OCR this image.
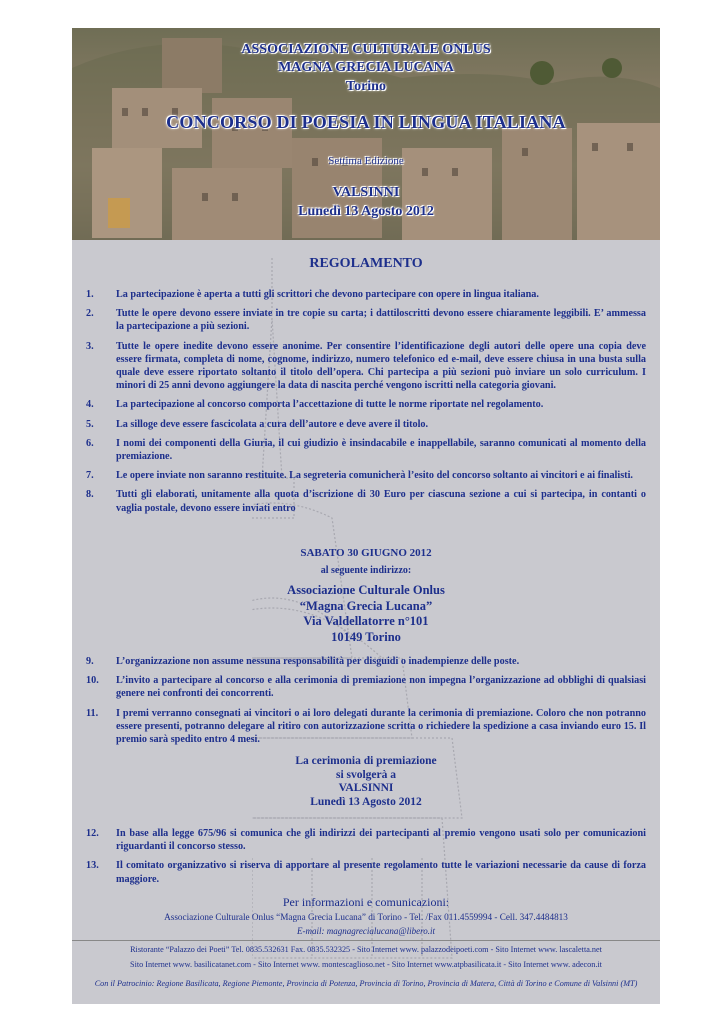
ASSOCIAZIONE CULTURALE ONLUS
MAGNA GRECIA LUCANA
Torino
CONCORSO DI POESIA IN LINGUA ITALIANA
Settima Edizione
VALSINNI
Lunedì 13 Agosto 2012
REGOLAMENTO
1.	La partecipazione è aperta a tutti gli scrittori che devono partecipare con opere in lingua italiana.
2.	Tutte le opere devono essere inviate in tre copie su carta; i dattiloscritti devono essere chiaramente leggibili. E’ ammessa la partecipazione a più sezioni.
3.	Tutte le opere inedite devono essere anonime. Per consentire l’identificazione degli autori delle opere una copia deve essere firmata, completa di nome, cognome, indirizzo, numero telefonico ed e-mail, deve essere chiusa in una busta sulla quale deve essere riportato soltanto il titolo dell’opera. Chi partecipa a più sezioni può inviare un solo curriculum. I minori di 25 anni devono aggiungere la data di nascita perché vengono iscritti nella categoria giovani.
4.	La partecipazione al concorso comporta l’accettazione di tutte le norme riportate nel regolamento.
5.	La silloge deve essere fascicolata a cura dell’autore e deve avere il titolo.
6.	I nomi dei componenti della Giuria, il cui giudizio è insindacabile e inappellabile, saranno comunicati al momento della premiazione.
7.	Le opere inviate non saranno restituite. La segreteria comunicherà l’esito del concorso soltanto ai vincitori e ai finalisti.
8.	Tutti gli elaborati, unitamente alla quota d’iscrizione di 30 Euro per ciascuna sezione a cui si partecipa, in contanti o vaglia postale, devono essere inviati entro
SABATO 30 GIUGNO 2012
al seguente indirizzo:
Associazione Culturale Onlus
“Magna Grecia Lucana”
Via Valdellatorre n°101
10149 Torino
9.	L’organizzazione non assume nessuna responsabilità per disguidi o inadempienze delle poste.
10.	L’invito a partecipare al concorso e alla cerimonia di premiazione non impegna l’organizzazione ad obblighi di qualsiasi genere nei confronti dei concorrenti.
11.	I premi verranno consegnati ai vincitori o ai loro delegati durante la cerimonia di premiazione. Coloro che non potranno essere presenti, potranno delegare al ritiro con autorizzazione scritta o richiedere la spedizione a casa inviando euro 15. Il premio sarà spedito entro 4 mesi.
La cerimonia di premiazione
si svolgerà a
VALSINNI
Lunedì 13 Agosto 2012
12.	In base alla legge 675/96 si comunica che gli indirizzi dei partecipanti al premio vengono usati solo per comunicazioni riguardanti il concorso stesso.
13.	Il comitato organizzativo si riserva di apportare al presente regolamento tutte le variazioni necessarie da cause di forza maggiore.
Per informazioni e comunicazioni:
Associazione Culturale Onlus “Magna Grecia Lucana” di Torino - Tel. /Fax 011.4559994 - Cell. 347.4484813
E-mail: magnagrecialucana@libero.it
Ristorante “Palazzo dei Poeti” Tel. 0835.532631 Fax. 0835.532325 - Sito Internet www. palazzodeipoeti.com - Sito Internet www. lascaletta.net
Sito Internet www. basilicatanet.com - Sito Internet www. montescaglioso.net - Sito Internet www.atpbasilicata.it - Sito Internet www. adecon.it
Con il Patrocinio: Regione Basilicata, Regione Piemonte, Provincia di Potenza, Provincia di Torino, Provincia di Matera, Città di Torino e Comune di Valsinni (MT)
